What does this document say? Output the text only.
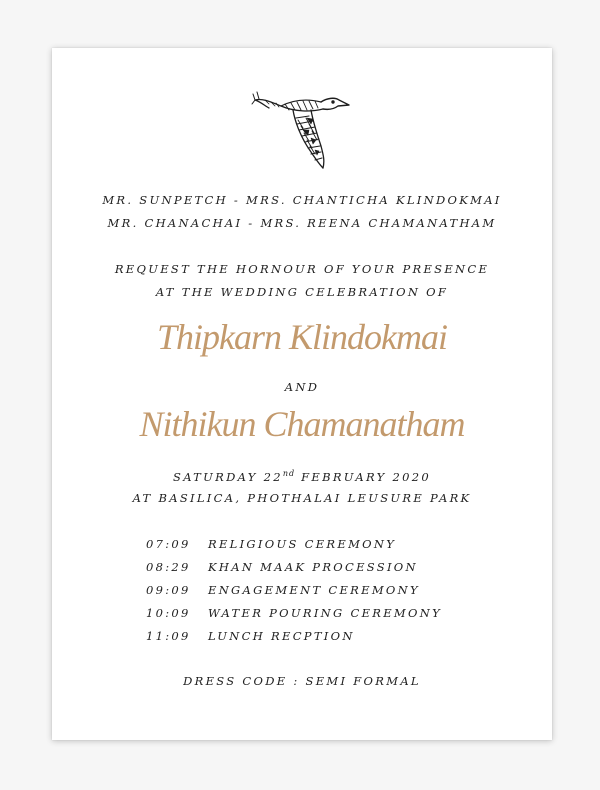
MR. SUNPETCH - MRS. CHANTICHA KLINDOKMAI
MR. CHANACHAI - MRS. REENA CHAMANATHAM
REQUEST THE HORNOUR OF YOUR PRESENCE
AT THE WEDDING CELEBRATION OF
Thipkarn Klindokmai
AND
Nithikun Chamanatham
SATURDAY 22nd FEBRUARY 2020
AT BASILICA, PHOTHALAI LEUSURE PARK
07:09 RELIGIOUS CEREMONY
08:29 KHAN MAAK PROCESSION
09:09 ENGAGEMENT CEREMONY
10:09 WATER POURING CEREMONY
11:09 LUNCH RECPTION
DRESS CODE : SEMI FORMAL
